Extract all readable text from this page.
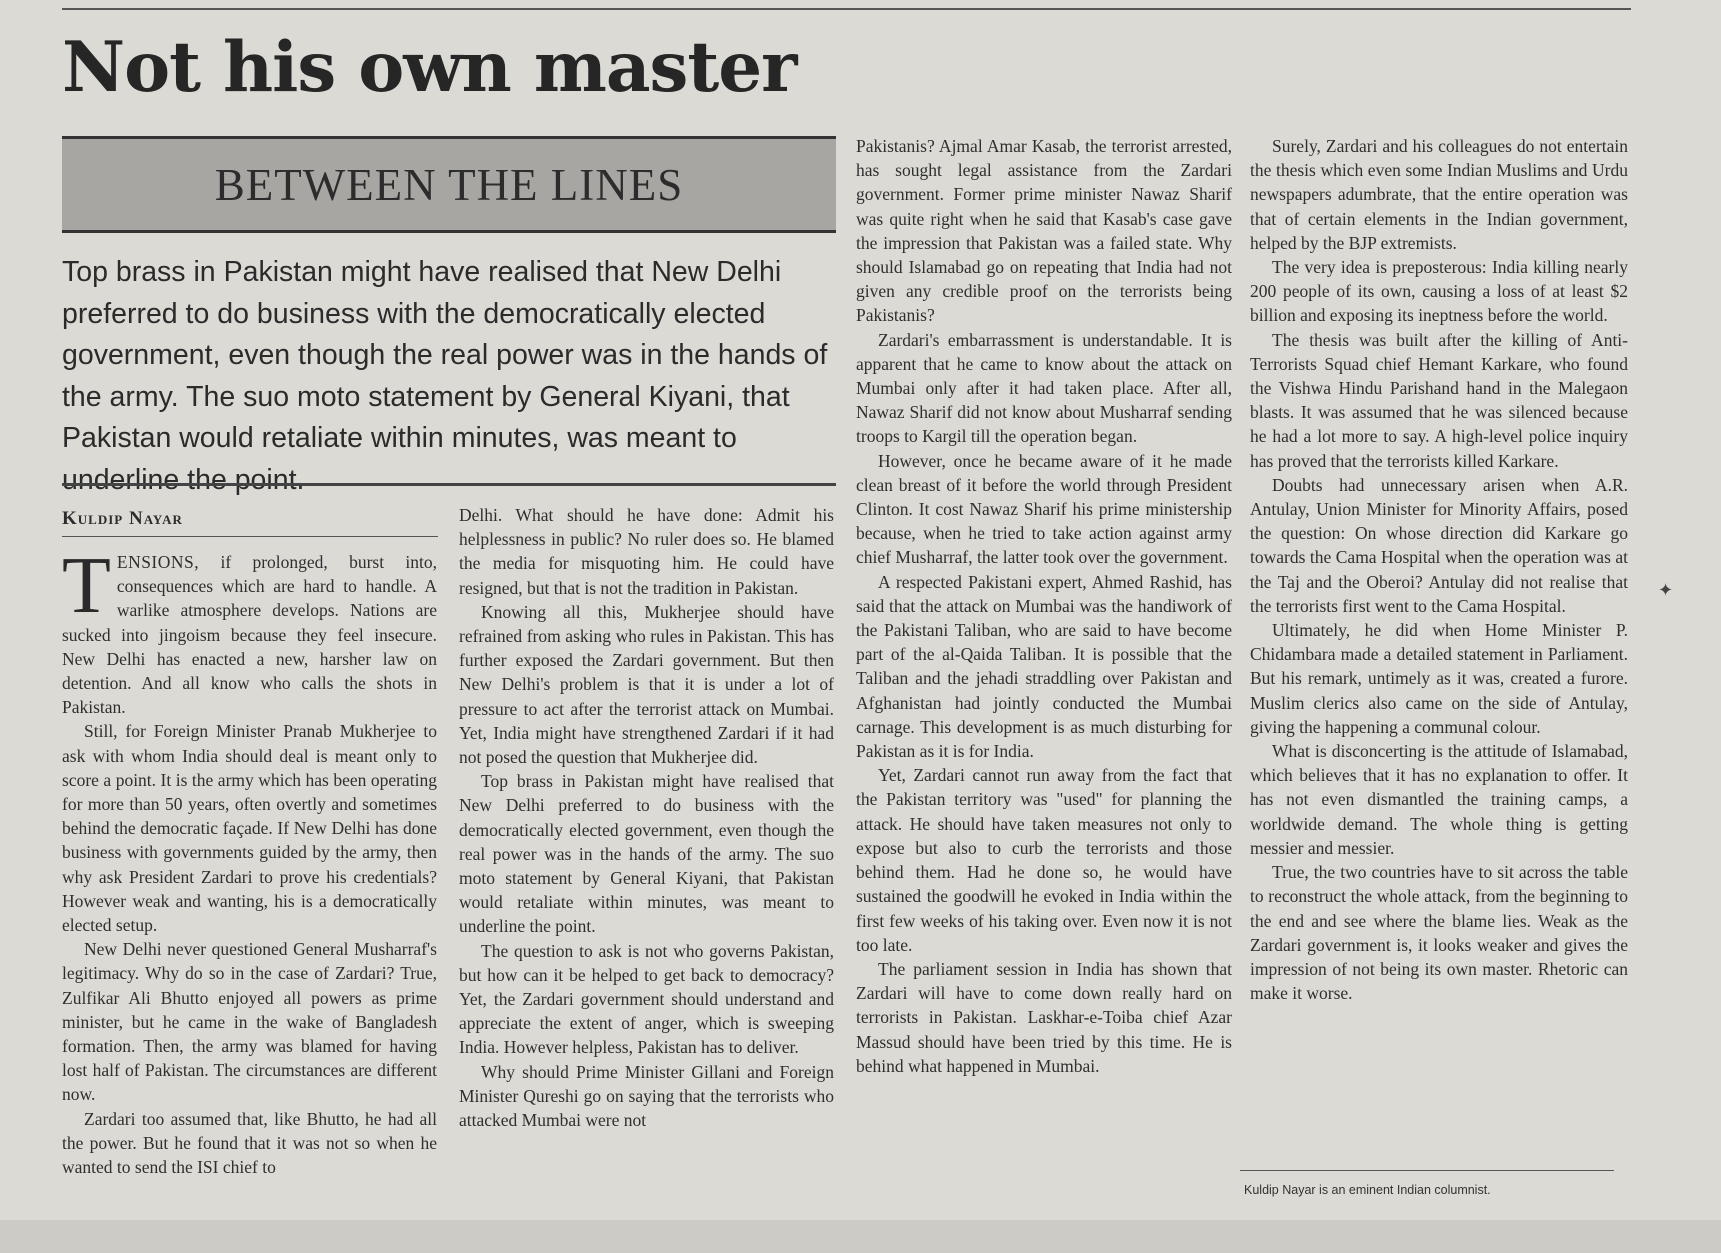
Not his own master
BETWEEN THE LINES

Top brass in Pakistan might have realised that New Delhi preferred to do business with the democratically elected government, even though the real power was in the hands of the army. The suo moto statement by General Kiyani, that Pakistan would retaliate within minutes, was meant to underline the point.

Kuldip Nayar

TENSIONS, if prolonged, burst into, consequences which are hard to handle. A warlike atmosphere develops. Nations are sucked into jingoism because they feel insecure. New Delhi has enacted a new, harsher law on detention. And all know who calls the shots in Pakistan.

Still, for Foreign Minister Pranab Mukherjee to ask with whom India should deal is meant only to score a point. It is the army which has been operating for more than 50 years, often overtly and sometimes behind the democratic façade. If New Delhi has done business with governments guided by the army, then why ask President Zardari to prove his credentials? However weak and wanting, his is a democratically elected setup.

New Delhi never questioned General Musharraf's legitimacy. Why do so in the case of Zardari? True, Zulfikar Ali Bhutto enjoyed all powers as prime minister, but he came in the wake of Bangladesh formation. Then, the army was blamed for having lost half of Pakistan. The circumstances are different now.

Zardari too assumed that, like Bhutto, he had all the power. But he found that it was not so when he wanted to send the ISI chief to

Delhi. What should he have done: Admit his helplessness in public? No ruler does so. He blamed the media for misquoting him. He could have resigned, but that is not the tradition in Pakistan.

Knowing all this, Mukherjee should have refrained from asking who rules in Pakistan. This has further exposed the Zardari government. But then New Delhi's problem is that it is under a lot of pressure to act after the terrorist attack on Mumbai. Yet, India might have strengthened Zardari if it had not posed the question that Mukherjee did.

Top brass in Pakistan might have realised that New Delhi preferred to do business with the democratically elected government, even though the real power was in the hands of the army. The suo moto statement by General Kiyani, that Pakistan would retaliate within minutes, was meant to underline the point.

The question to ask is not who governs Pakistan, but how can it be helped to get back to democracy? Yet, the Zardari government should understand and appreciate the extent of anger, which is sweeping India. However helpless, Pakistan has to deliver.

Why should Prime Minister Gillani and Foreign Minister Qureshi go on saying that the terrorists who attacked Mumbai were not

Pakistanis? Ajmal Amar Kasab, the terrorist arrested, has sought legal assistance from the Zardari government. Former prime minister Nawaz Sharif was quite right when he said that Kasab's case gave the impression that Pakistan was a failed state. Why should Islamabad go on repeating that India had not given any credible proof on the terrorists being Pakistanis?

Zardari's embarrassment is understandable. It is apparent that he came to know about the attack on Mumbai only after it had taken place. After all, Nawaz Sharif did not know about Musharraf sending troops to Kargil till the operation began.

However, once he became aware of it he made clean breast of it before the world through President Clinton. It cost Nawaz Sharif his prime ministership because, when he tried to take action against army chief Musharraf, the latter took over the government.

A respected Pakistani expert, Ahmed Rashid, has said that the attack on Mumbai was the handiwork of the Pakistani Taliban, who are said to have become part of the al-Qaida Taliban. It is possible that the Taliban and the jehadi straddling over Pakistan and Afghanistan had jointly conducted the Mumbai carnage. This development is as much disturbing for Pakistan as it is for India.

Yet, Zardari cannot run away from the fact that the Pakistan territory was "used" for planning the attack. He should have taken measures not only to expose but also to curb the terrorists and those behind them. Had he done so, he would have sustained the goodwill he evoked in India within the first few weeks of his taking over. Even now it is not too late.

The parliament session in India has shown that Zardari will have to come down really hard on terrorists in Pakistan. Laskhar-e-Toiba chief Azar Massud should have been tried by this time. He is behind what happened in Mumbai.

Surely, Zardari and his colleagues do not entertain the thesis which even some Indian Muslims and Urdu newspapers adumbrate, that the entire operation was that of certain elements in the Indian government, helped by the BJP extremists.

The very idea is preposterous: India killing nearly 200 people of its own, causing a loss of at least $2 billion and exposing its ineptness before the world.

The thesis was built after the killing of Anti-Terrorists Squad chief Hemant Karkare, who found the Vishwa Hindu Parishand hand in the Malegaon blasts. It was assumed that he was silenced because he had a lot more to say. A high-level police inquiry has proved that the terrorists killed Karkare.

Doubts had unnecessary arisen when A.R. Antulay, Union Minister for Minority Affairs, posed the question: On whose direction did Karkare go towards the Cama Hospital when the operation was at the Taj and the Oberoi? Antulay did not realise that the terrorists first went to the Cama Hospital.

Ultimately, he did when Home Minister P. Chidambara made a detailed statement in Parliament. But his remark, untimely as it was, created a furore. Muslim clerics also came on the side of Antulay, giving the happening a communal colour.

What is disconcerting is the attitude of Islamabad, which believes that it has no explanation to offer. It has not even dismantled the training camps, a worldwide demand. The whole thing is getting messier and messier.

True, the two countries have to sit across the table to reconstruct the whole attack, from the beginning to the end and see where the blame lies. Weak as the Zardari government is, it looks weaker and gives the impression of not being its own master. Rhetoric can make it worse.

Kuldip Nayar is an eminent Indian columnist.
✦
